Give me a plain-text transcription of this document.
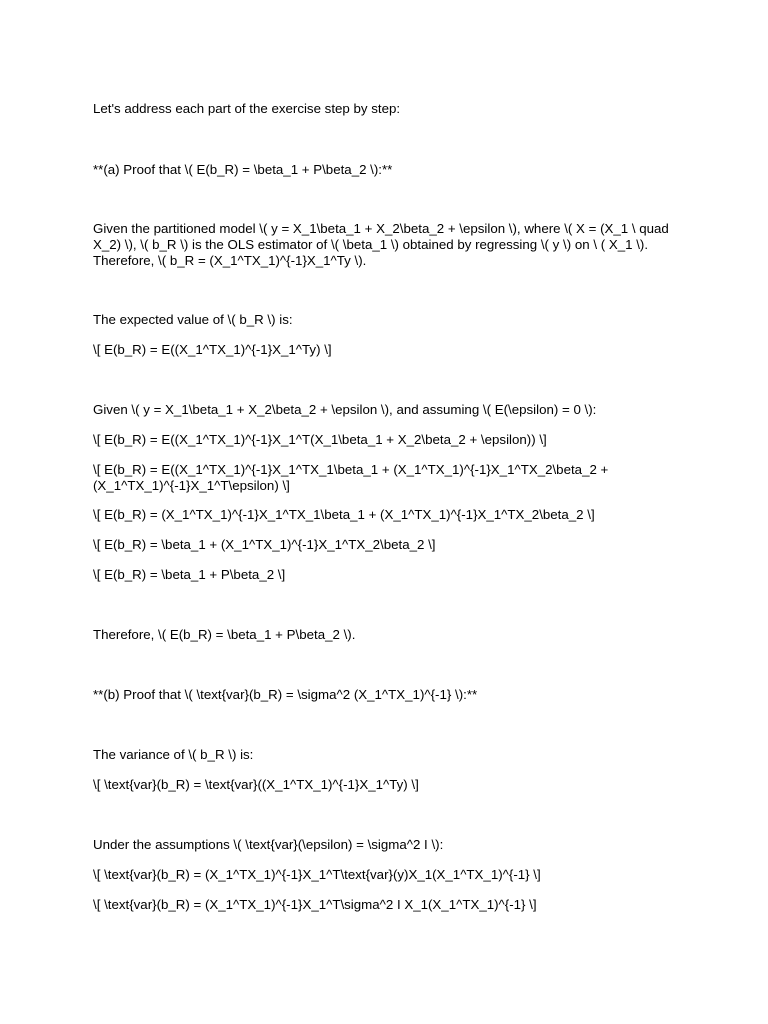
Let's address each part of the exercise step by step:
**(a) Proof that \( E(b_R) = \beta_1 + P\beta_2 \):**
Given the partitioned model \( y = X_1\beta_1 + X_2\beta_2 + \epsilon \), where \( X = (X_1 \ quad X_2) \), \( b_R \) is the OLS estimator of \( \beta_1 \) obtained by regressing \( y \) on \ ( X_1 \). Therefore, \( b_R = (X_1^TX_1)^{-1}X_1^Ty \).
The expected value of \( b_R \) is:
\[ E(b_R) = E((X_1^TX_1)^{-1}X_1^Ty) \]
Given \( y = X_1\beta_1 + X_2\beta_2 + \epsilon \), and assuming \( E(\epsilon) = 0 \):
\[ E(b_R) = E((X_1^TX_1)^{-1}X_1^T(X_1\beta_1 + X_2\beta_2 + \epsilon)) \]
\[ E(b_R) = E((X_1^TX_1)^{-1}X_1^TX_1\beta_1 + (X_1^TX_1)^{-1}X_1^TX_2\beta_2 + (X_1^TX_1)^{-1}X_1^T\epsilon) \]
\[ E(b_R) = (X_1^TX_1)^{-1}X_1^TX_1\beta_1 + (X_1^TX_1)^{-1}X_1^TX_2\beta_2 \]
\[ E(b_R) = \beta_1 + (X_1^TX_1)^{-1}X_1^TX_2\beta_2 \]
\[ E(b_R) = \beta_1 + P\beta_2 \]
Therefore, \( E(b_R) = \beta_1 + P\beta_2 \).
**(b) Proof that \( \text{var}(b_R) = \sigma^2 (X_1^TX_1)^{-1} \):**
The variance of \( b_R \) is:
\[ \text{var}(b_R) = \text{var}((X_1^TX_1)^{-1}X_1^Ty) \]
Under the assumptions \( \text{var}(\epsilon) = \sigma^2 I \):
\[ \text{var}(b_R) = (X_1^TX_1)^{-1}X_1^T\text{var}(y)X_1(X_1^TX_1)^{-1} \]
\[ \text{var}(b_R) = (X_1^TX_1)^{-1}X_1^T\sigma^2 I X_1(X_1^TX_1)^{-1} \]
